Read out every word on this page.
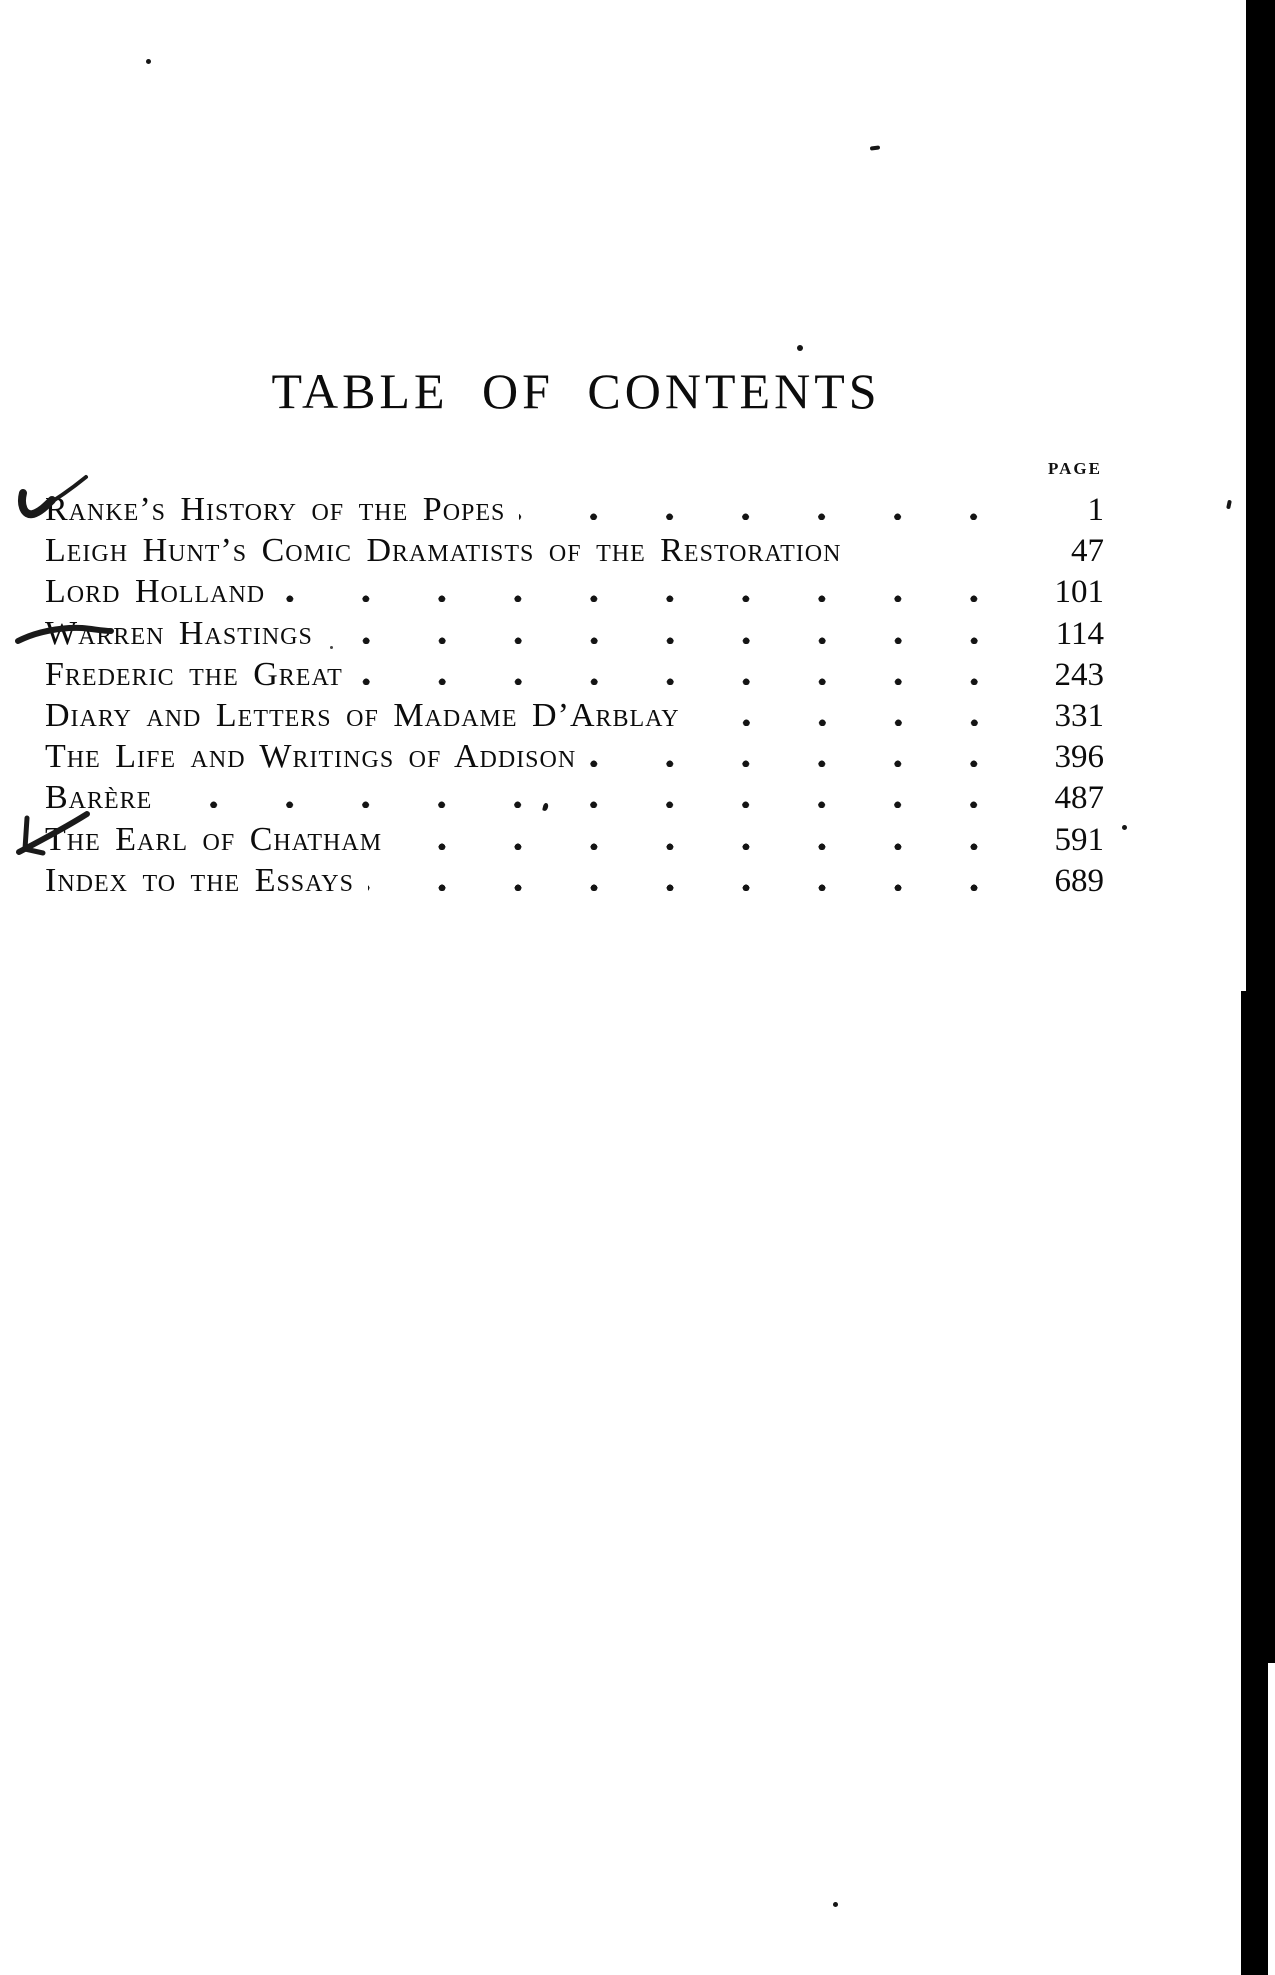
TABLE OF CONTENTS
PAGE
Ranke’s History of the Popes	1
Leigh Hunt’s Comic Dramatists of the Restoration	47
Lord Holland	101
Warren Hastings	114
Frederic the Great	243
Diary and Letters of Madame D’Arblay	331
The Life and Writings of Addison	396
Barère	487
The Earl of Chatham	591
Index to the Essays	689
